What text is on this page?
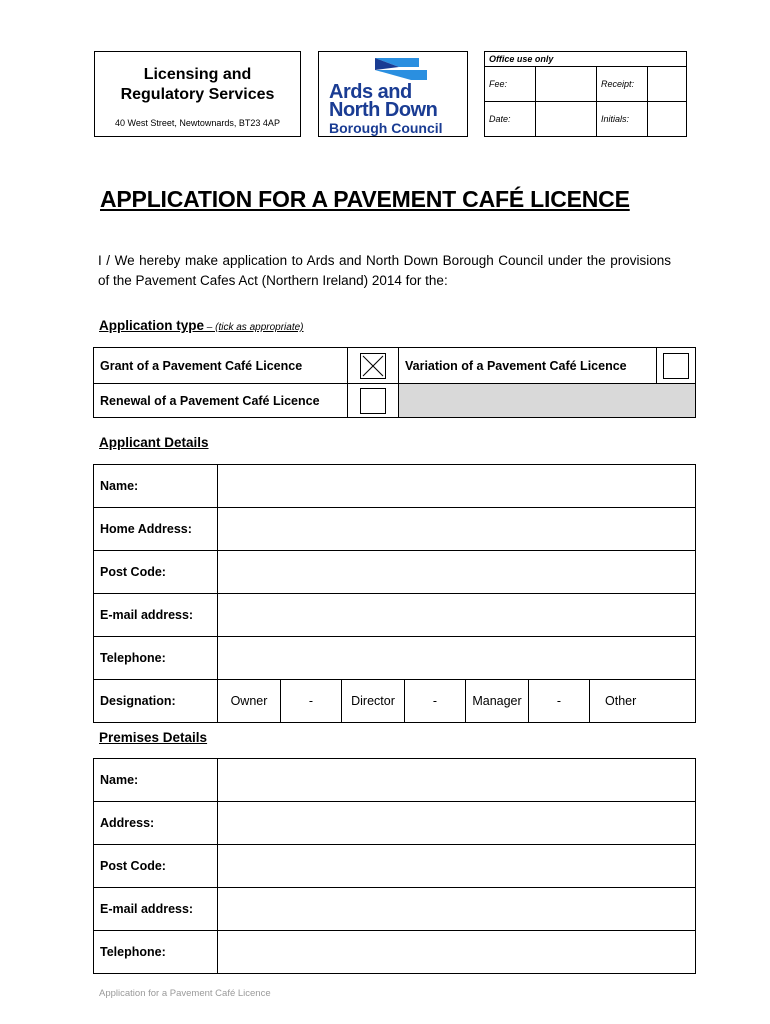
Licensing and
Regulatory Services
40 West Street, Newtownards, BT23 4AP
Ards and
North Down
Borough Council
Office use only			
Fee:		Receipt:	
Date:		Initials:	
APPLICATION FOR A PAVEMENT CAFÉ LICENCE
I / We hereby make application to Ards and North Down Borough Council under the provisions of the Pavement Cafes Act (Northern Ireland) 2014 for the:
Application type – (tick as appropriate)
Grant of a Pavement Café Licence		Variation of a Pavement Café Licence	
Renewal of a Pavement Café Licence			
Applicant Details
Name:							
Home Address:							
Post Code:							
E-mail address:							
Telephone:							
Designation:	Owner	-	Director	-	Manager	-	Other
Premises Details
Name:	
Address:	
Post Code:	
E-mail address:	
Telephone:	
Application for a Pavement Café Licence
